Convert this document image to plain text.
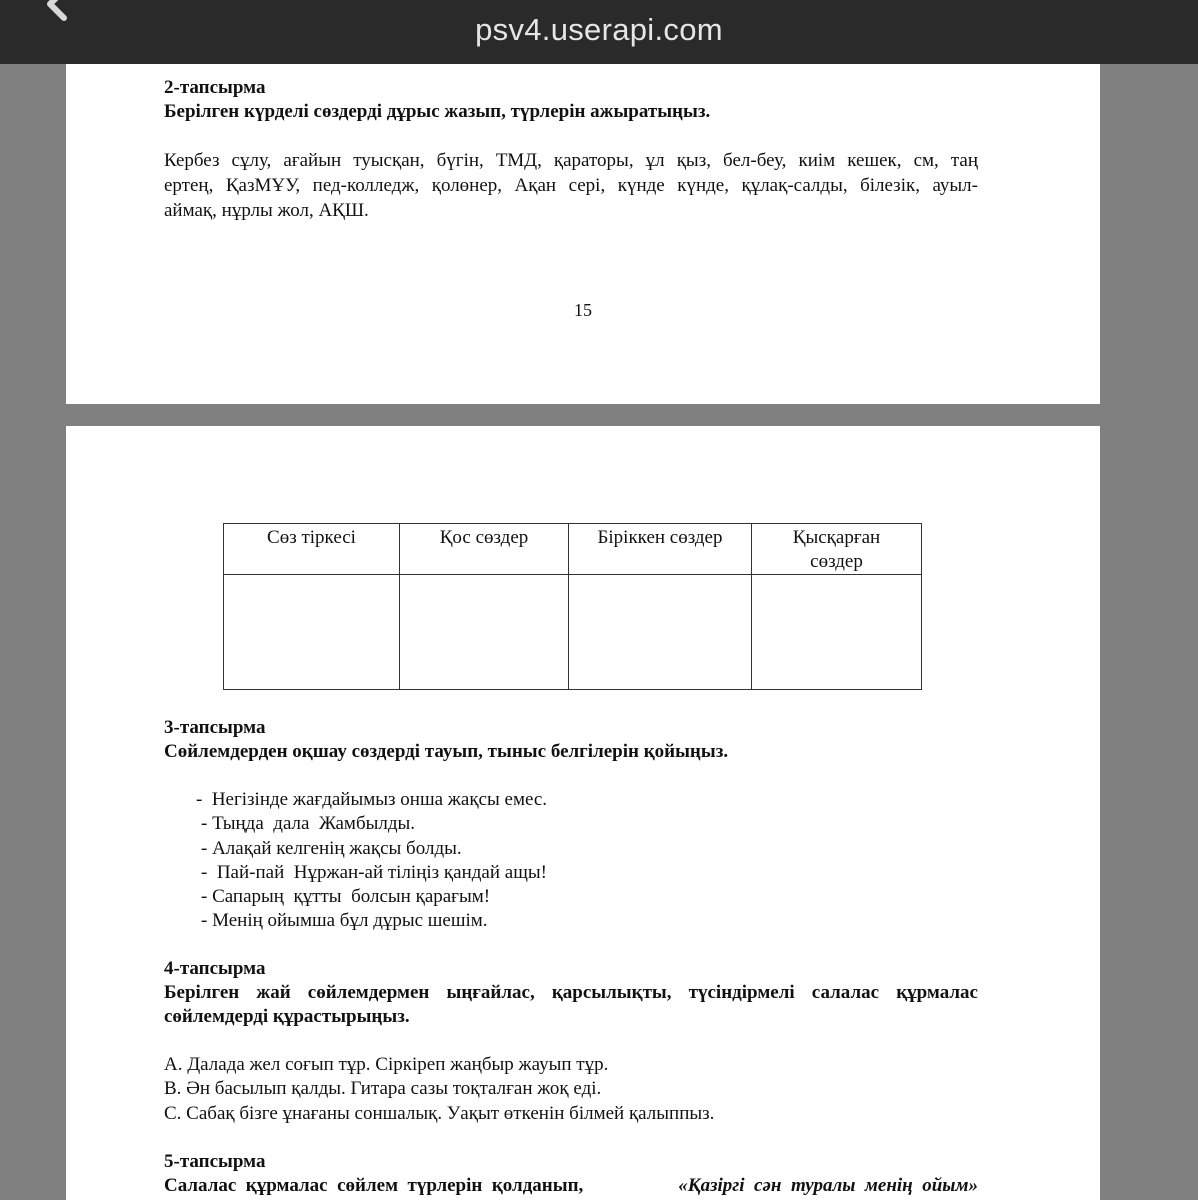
psv4.userapi.com
2-тапсырма
Берілген күрделі сөздерді дұрыс жазып, түрлерін ажыратыңыз.
Кербез сұлу, ағайын туысқан, бүгін, ТМД, қараторы, ұл қыз, бел-беу, киім кешек, см, таң
ертең, ҚазМҰУ, пед-колледж, қолөнер, Ақан сері, күнде күнде, құлақ-салды, білезік, ауыл-
аймақ, нұрлы жол, АҚШ.
15
Сөз тіркесі	Қос сөздер	Біріккен сөздер	Қысқарған
сөздер

3-тапсырма
Сөйлемдерден оқшау сөздерді тауып, тыныс белгілерін қойыңыз.
-  Негізінде жағдайымыз онша жақсы емес.
- Тыңда  дала  Жамбылды.
- Алақай келгенің жақсы болды.
-  Пай-пай  Нұржан-ай тіліңіз қандай ащы!
- Сапарың  құтты  болсын қарағым!
- Менің ойымша бұл дұрыс шешім.
4-тапсырма
Берілген жай сөйлемдермен ыңғайлас, қарсылықты, түсіндірмелі салалас құрмалас
сөйлемдерді құрастырыңыз.
A. Далада жел соғып тұр. Сіркіреп жаңбыр жауып тұр.
B. Ән басылып қалды. Гитара сазы тоқталған жоқ еді.
C. Сабақ бізге ұнағаны соншалық. Уақыт өткенін білмей қалыппыз.
5-тапсырма
Салалас  құрмалас  сөйлем  түрлерін  қолданып,	«Қазіргі  сән  туралы  менің  ойым»
